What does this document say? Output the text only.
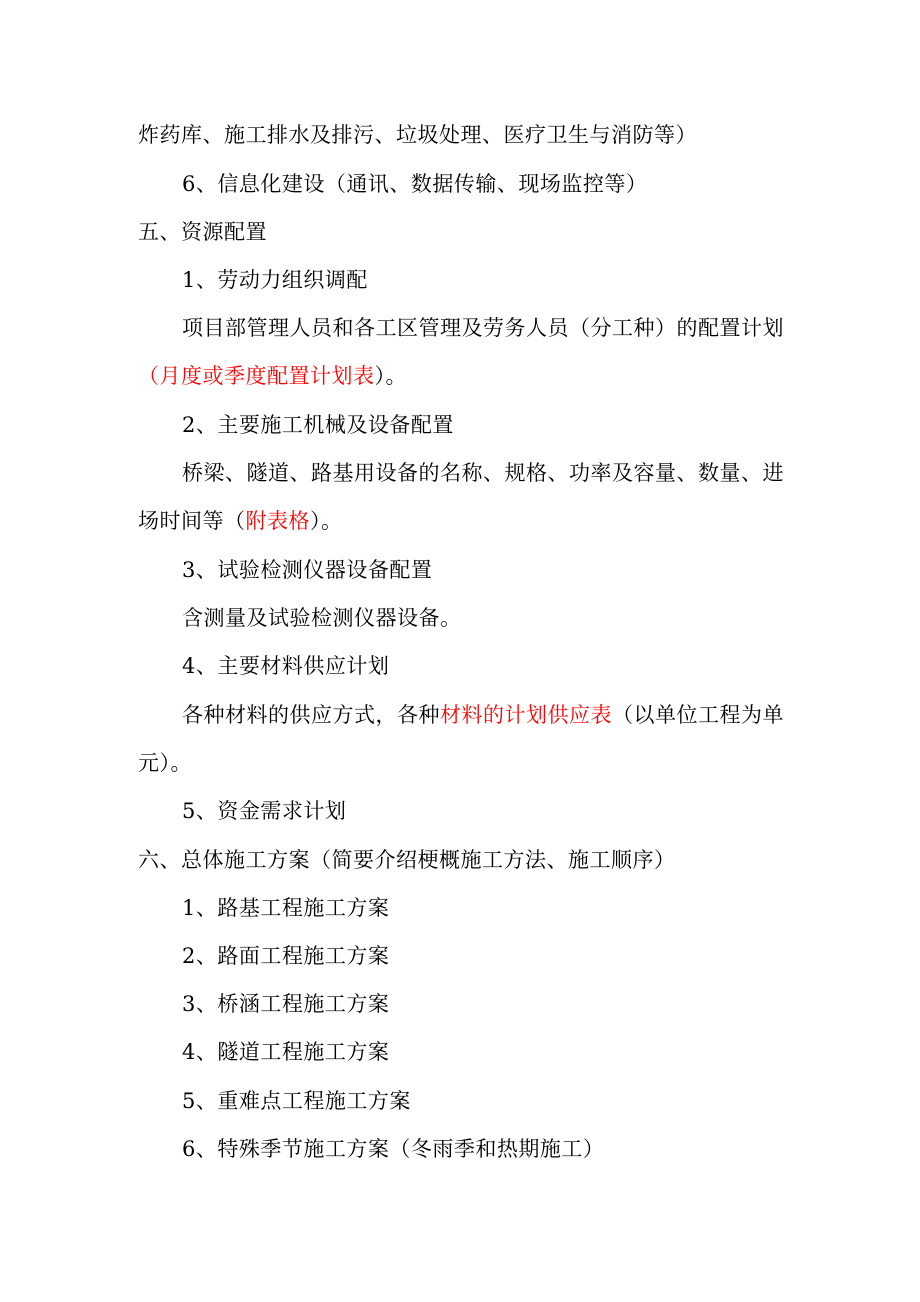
炸药库、施工排水及排污、垃圾处理、医疗卫生与消防等）
6、信息化建设（通讯、数据传输、现场监控等）
五、资源配置
1、劳动力组织调配
项目部管理人员和各工区管理及劳务人员（分工种）的配置计划
（月度或季度配置计划表）。
2、主要施工机械及设备配置
桥梁、隧道、路基用设备的名称、规格、功率及容量、数量、进
场时间等（附表格）。
3、试验检测仪器设备配置
含测量及试验检测仪器设备。
4、主要材料供应计划
各种材料的供应方式，各种材料的计划供应表（以单位工程为单
元）。
5、资金需求计划
六、总体施工方案（简要介绍梗概施工方法、施工顺序）
1、路基工程施工方案
2、路面工程施工方案
3、桥涵工程施工方案
4、隧道工程施工方案
5、重难点工程施工方案
6、特殊季节施工方案（冬雨季和热期施工）
